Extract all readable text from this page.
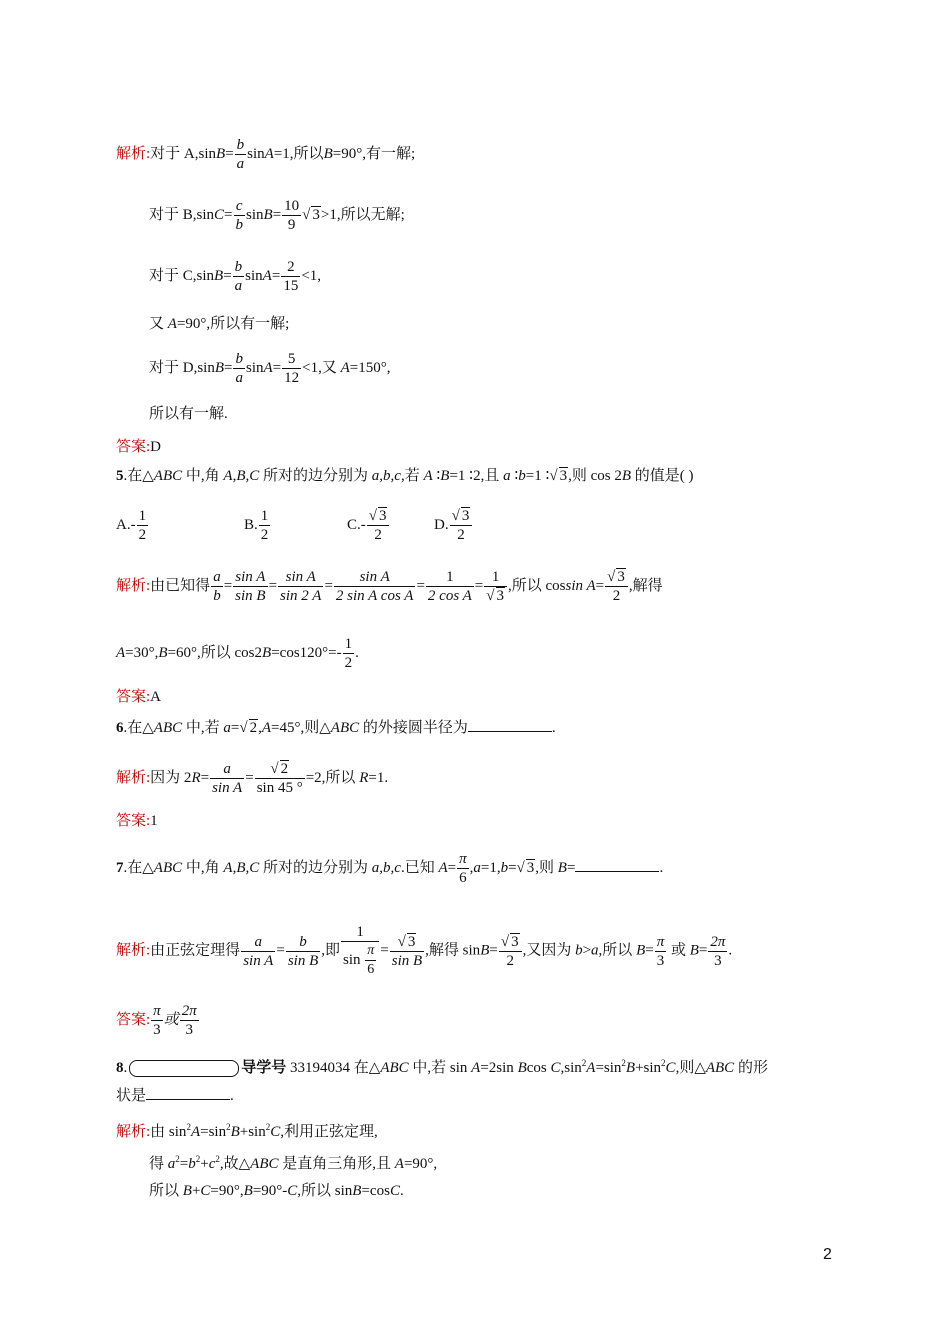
解析:对于 $A,\sin B= \frac{b}{a} \sin A=1$,所以B=90°,有一解;
对于 $B,\sin C= \frac{c}{b} \sin B= \frac{10}{9}$ √ 3>1,所以无解;
对于 $C,\sin B= \frac{b}{a} \sin A= \frac{2}{15} <1$,
又 A=90°,所以有一解;
对于 $D,\sin B= \frac{b}{a} \sin A= \frac{5}{12} <1$,又 A=150°,
所以有一解.
答案:D
5.在△ABC 中,角 A,B,C 所对的边分别为 a,b,c,若 A ∶B=1 ∶2,且 a ∶b=1 ∶√ 3,则 cos 2B 的值是( )
$A.- \frac{1}{2}$	B. $\frac{1}{2}$	$C.- \frac{√ 3}{2}$	D. $\frac{√ 3}{2}$
解析:由已知得 $\frac{a}{b} = \frac{\text{sin A}}{\text{sin B}} = \frac{\text{sin A}}{\sin 2 A} = \frac{\text{sin A}}{\text{2 sin A cos A}} = \frac{1}{\text{2 cos A}} = \frac{1}{√ 3}$ ,所以 cossin $A= \frac{√ 3}{2}$ ,解得
A=30°,B=60°,所以 $\cos 2B=\cos 120^\circ=- \frac{1}{2}$ .
答案:A
6.在△ABC 中,若 a=√ 2,A=45°,则△ABC 的外接圆半径为	.
解析:因为 $2R= \frac{a}{\text{sin A}} = \frac{√ 2}{\sin 45 ^\circ} =2$,所以 R=1.
答案:1
7.在△ABC 中,角 A,B,C 所对的边分别为 a,b,c.已知 $A= \frac{\pi}{6} ,a=1,b=√$ 3,则 B=	.
解析:由正弦定理得 $\frac{a}{\text{sin A}} = \frac{b}{\text{sin B}}$ ,即 $\frac{1}{\sin \frac{\pi}{6}} = \frac{√ 3}{\text{sin B}}$ ,解得 $\sin B= \frac{√ 3}{2}$ ,又因为 b>a,所以 $B= \frac{\pi}{3}$ 或 $B= \frac{2\pi}{3}$ .
答案: $\frac{\pi}{3}$ 或 $\frac{2\pi}{3}$
8.	导学号 33194034 在△ABC 中,若 sin A=2sin Bcos $C,\sin^2A=\sin^2B+\sin^2C$,则△ABC 的形
状是	.
解析:由 $\sin^2A=\sin^2B+\sin^2C$,利用正弦定理,
得 $a^2=b^2+c^2$,故△ABC 是直角三角形,且 A=90°,
所以 B+C=90°,B=90°-C,所以 sinB=cosC.
2
